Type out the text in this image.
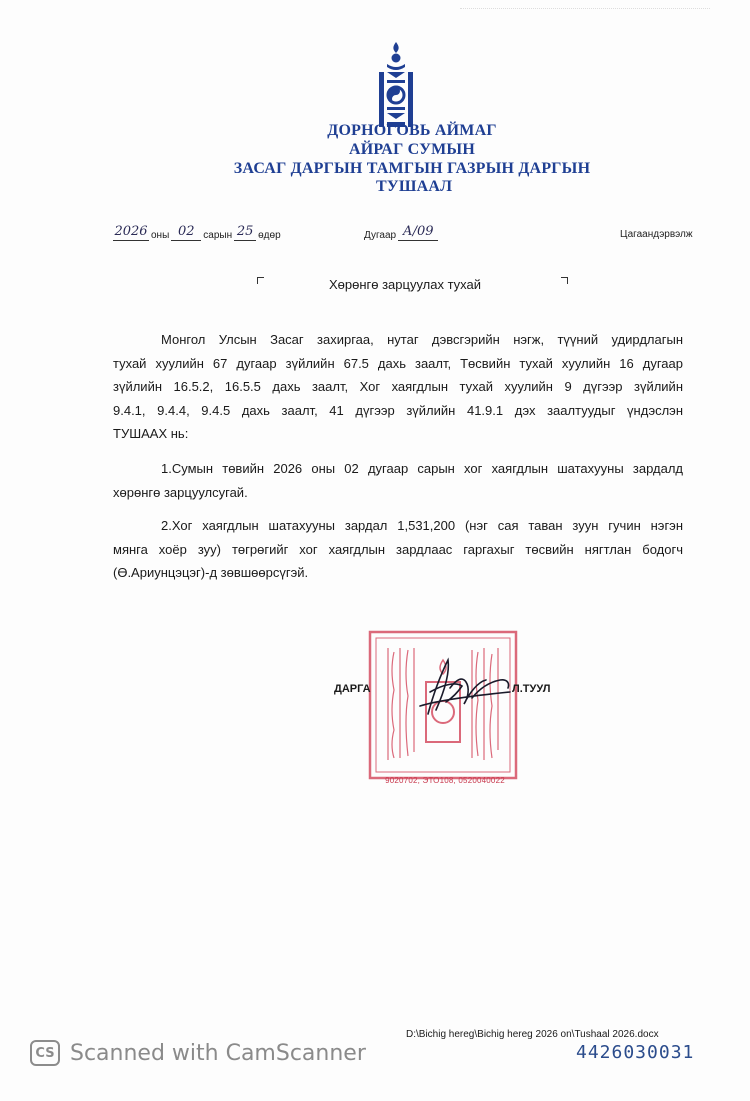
ДОРНОГОВЬ АЙМАГ
АЙРАГ СУМЫН
ЗАСАГ ДАРГЫН ТАМГЫН ГАЗРЫН ДАРГЫН
ТУШААЛ
2026 оны 02 сарын 25 өдөр	Дугаар А/09	Цагаандэрвэлж
Хөрөнгө зарцуулах тухай

Монгол Улсын Засаг захиргаа, нутаг дэвсгэрийн нэгж, түүний удирдлагын

тухай хуулийн 67 дугаар зүйлийн 67.5 дахь заалт, Төсвийн тухай хуулийн 16 дугаар

зүйлийн 16.5.2, 16.5.5 дахь заалт, Хог хаягдлын тухай хуулийн 9 дүгээр зүйлийн

9.4.1, 9.4.4, 9.4.5 дахь заалт, 41 дүгээр зүйлийн 41.9.1 дэх заалтуудыг үндэслэн

ТУШААХ нь:

1.Сумын төвийн 2026 оны 02 дугаар сарын хог хаягдлын шатахууны зардалд

хөрөнгө зарцуулсугай.

2.Хог хаягдлын шатахууны зардал 1,531,200 (нэг сая таван зуун гучин нэгэн

мянга хоёр зуу) төгрөгийг хог хаягдлын зардлаас гаргахыг төсвийн нягтлан бодогч

(Ө.Ариунцэцэг)-д зөвшөөрсүгэй.

9020702, ЭТО108, 0520040022
ДАРГА	Л.ТУУЛ
D:\Bichig hereg\Bichig hereg 2026 on\Tushaal 2026.docx
4426030031
CS Scanned with CamScanner
